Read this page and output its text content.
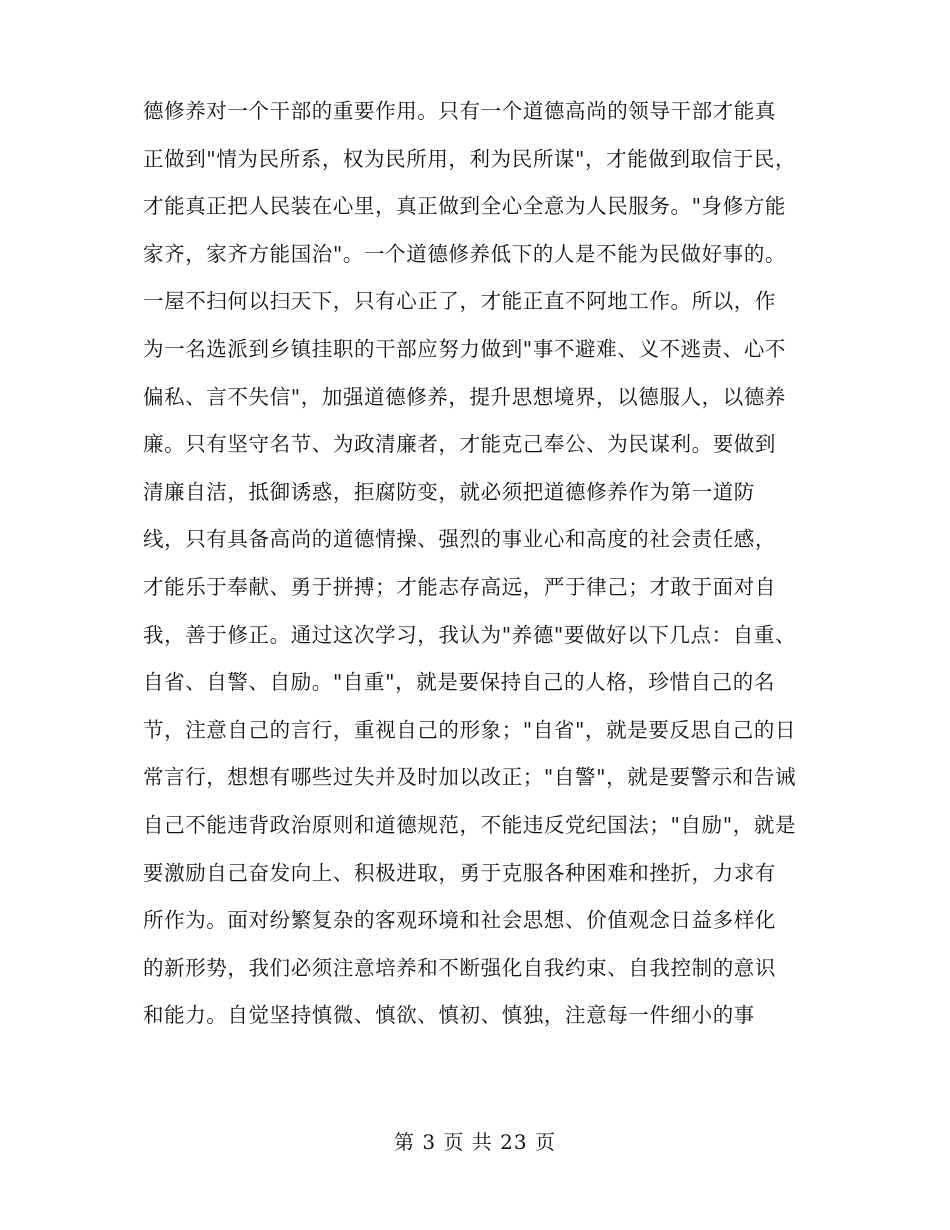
德修养对一个干部的重要作用。只有一个道德高尚的领导干部才能真
正做到"情为民所系，权为民所用，利为民所谋"，才能做到取信于民，
才能真正把人民装在心里，真正做到全心全意为人民服务。"身修方能
家齐，家齐方能国治"。一个道德修养低下的人是不能为民做好事的。
一屋不扫何以扫天下，只有心正了，才能正直不阿地工作。所以，作
为一名选派到乡镇挂职的干部应努力做到"事不避难、义不逃责、心不
偏私、言不失信"，加强道德修养，提升思想境界，以德服人，以德养
廉。只有坚守名节、为政清廉者，才能克己奉公、为民谋利。要做到
清廉自洁，抵御诱惑，拒腐防变，就必须把道德修养作为第一道防
线，只有具备高尚的道德情操、强烈的事业心和高度的社会责任感，
才能乐于奉献、勇于拼搏；才能志存高远，严于律己；才敢于面对自
我，善于修正。通过这次学习，我认为"养德"要做好以下几点：自重、
自省、自警、自励。"自重"，就是要保持自己的人格，珍惜自己的名
节，注意自己的言行，重视自己的形象；"自省"，就是要反思自己的日
常言行，想想有哪些过失并及时加以改正；"自警"，就是要警示和告诫
自己不能违背政治原则和道德规范，不能违反党纪国法；"自励"，就是
要激励自己奋发向上、积极进取，勇于克服各种困难和挫折，力求有
所作为。面对纷繁复杂的客观环境和社会思想、价值观念日益多样化
的新形势，我们必须注意培养和不断强化自我约束、自我控制的意识
和能力。自觉坚持慎微、慎欲、慎初、慎独，注意每一件细小的事
第 3 页 共 23 页
